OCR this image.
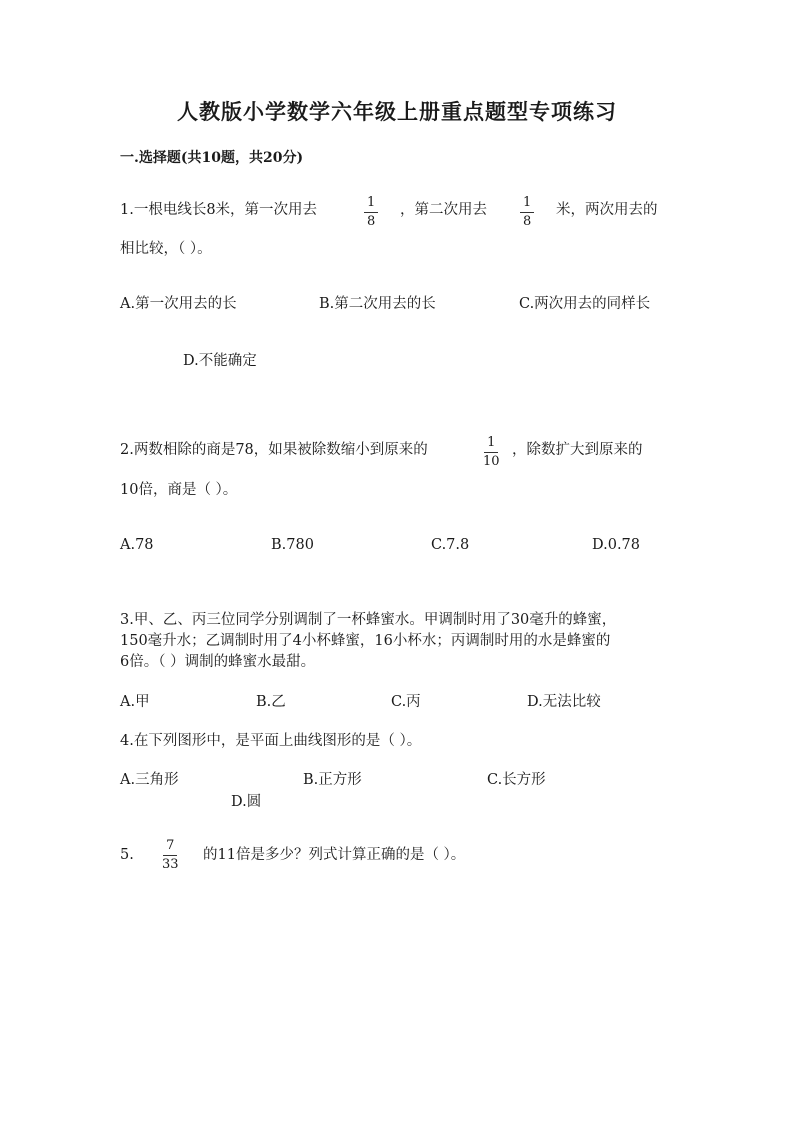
人教版小学数学六年级上册重点题型专项练习
一.选择题(共10题，共20分)
1.一根电线长8米，第一次用去	$\frac{1}{8}$ ，第二次用去	$\frac{1}{8}$ 米，两次用去的
相比较，（ ）。
A.第一次用去的长	B.第二次用去的长	C.两次用去的同样长
D.不能确定
2.两数相除的商是78，如果被除数缩小到原来的	$\frac{1}{10}$ ，除数扩大到原来的
10倍，商是（ ）。
A.78	B.780	C.7.8	D.0.78
3.甲、乙、丙三位同学分别调制了一杯蜂蜜水。甲调制时用了30毫升的蜂蜜，
150毫升水；乙调制时用了4小杯蜂蜜，16小杯水；丙调制时用的水是蜂蜜的
6倍。（ ）调制的蜂蜜水最甜。
A.甲	B.乙	C.丙	D.无法比较
4.在下列图形中，是平面上曲线图形的是（ ）。
A.三角形	B.正方形	C.长方形
D.圆
5. $\frac{7}{33}$ 的11倍是多少？列式计算正确的是（ ）。
